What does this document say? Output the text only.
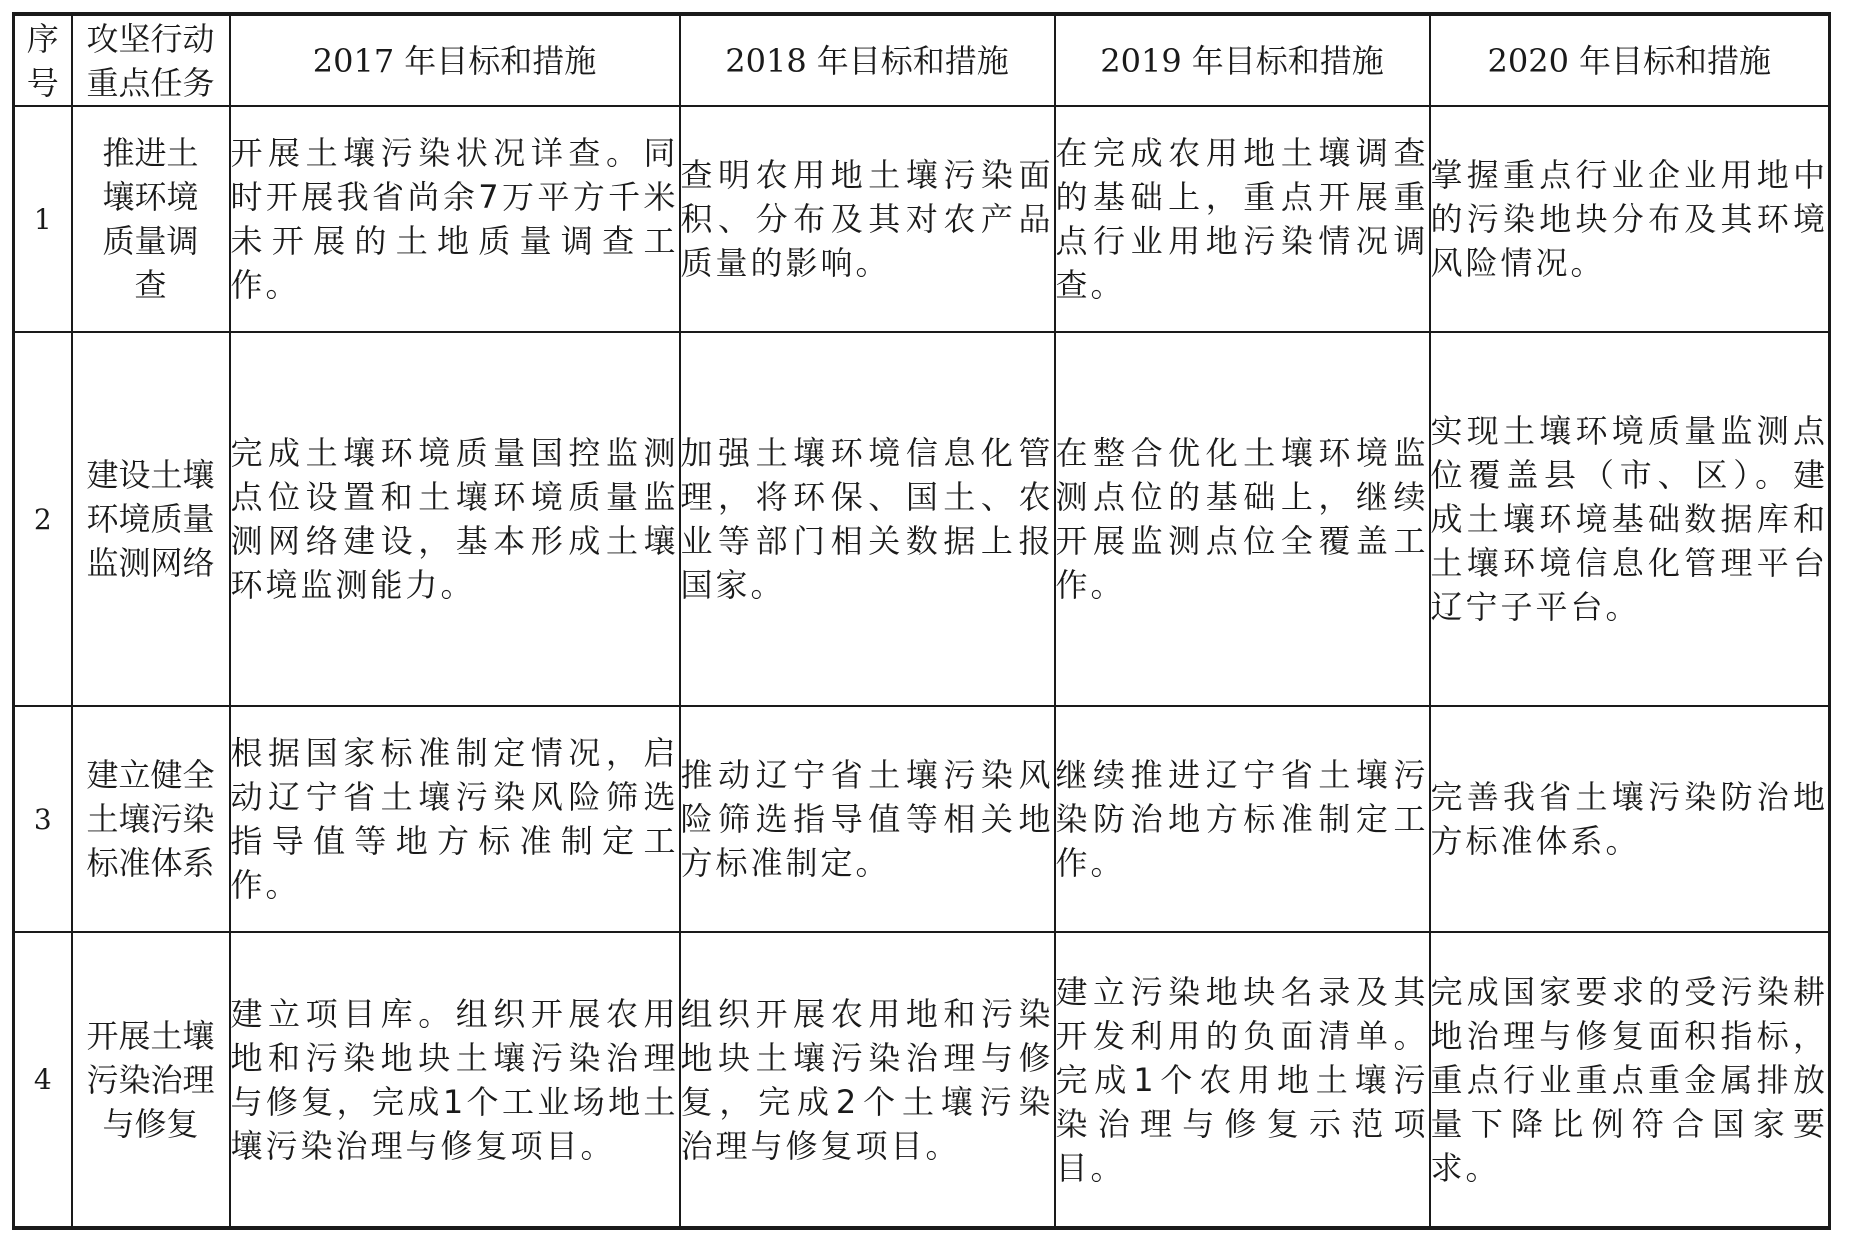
序号	攻坚行动重点任务	2017 年目标和措施	2018 年目标和措施	2019 年目标和措施	2020 年目标和措施
1	推进土壤环境质量调查	开展土壤污染状况详查。同时开展我省尚余7万平方千米未开展的土地质量调查工作。	查明农用地土壤污染面积、分布及其对农产品质量的影响。	在完成农用地土壤调查的基础上，重点开展重点行业用地污染情况调查。	掌握重点行业企业用地中的污染地块分布及其环境风险情况。
2	建设土壤环境质量监测网络	完成土壤环境质量国控监测点位设置和土壤环境质量监测网络建设，基本形成土壤环境监测能力。	加强土壤环境信息化管理，将环保、国土、农业等部门相关数据上报国家。	在整合优化土壤环境监测点位的基础上，继续开展监测点位全覆盖工作。	实现土壤环境质量监测点位覆盖县（市、区）。建成土壤环境基础数据库和土壤环境信息化管理平台辽宁子平台。
3	建立健全土壤污染标准体系	根据国家标准制定情况，启动辽宁省土壤污染风险筛选指导值等地方标准制定工作。	推动辽宁省土壤污染风险筛选指导值等相关地方标准制定。	继续推进辽宁省土壤污染防治地方标准制定工作。	完善我省土壤污染防治地方标准体系。
4	开展土壤污染治理与修复	建立项目库。组织开展农用地和污染地块土壤污染治理与修复，完成1个工业场地土壤污染治理与修复项目。	组织开展农用地和污染地块土壤污染治理与修复，完成2个土壤污染治理与修复项目。	建立污染地块名录及其开发利用的负面清单。完成1个农用地土壤污染治理与修复示范项目。	完成国家要求的受污染耕地治理与修复面积指标，重点行业重点重金属排放量下降比例符合国家要求。
